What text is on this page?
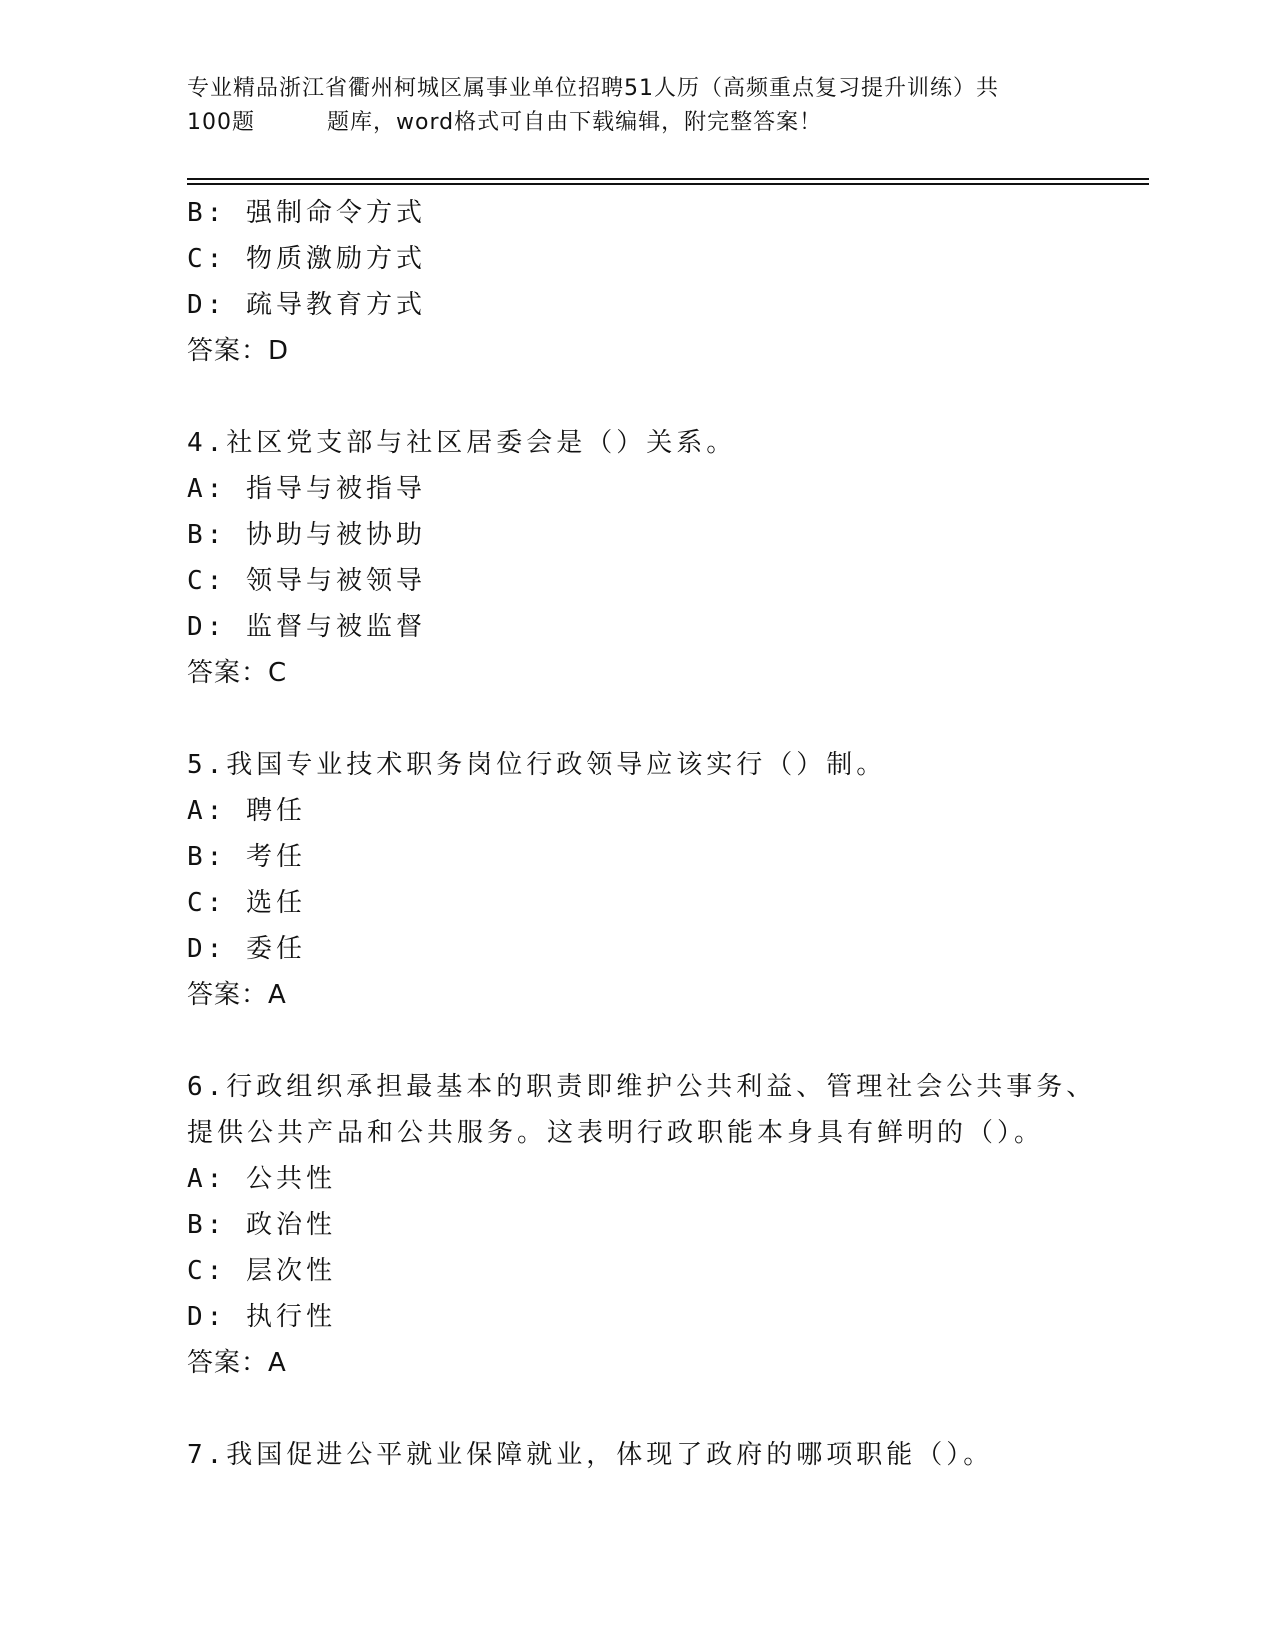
专业精品浙江省衢州柯城区属事业单位招聘51人历（高频重点复习提升训练）共
100题	题库，word格式可自由下载编辑，附完整答案！
B: 强制命令方式
C: 物质激励方式
D: 疏导教育方式
答案：D
4.社区党支部与社区居委会是（）关系。
A: 指导与被指导
B: 协助与被协助
C: 领导与被领导
D: 监督与被监督
答案：C
5.我国专业技术职务岗位行政领导应该实行（）制。
A: 聘任
B: 考任
C: 选任
D: 委任
答案：A
6.行政组织承担最基本的职责即维护公共利益、管理社会公共事务、
提供公共产品和公共服务。这表明行政职能本身具有鲜明的（）。
A: 公共性
B: 政治性
C: 层次性
D: 执行性
答案：A
7.我国促进公平就业保障就业，体现了政府的哪项职能（）。
